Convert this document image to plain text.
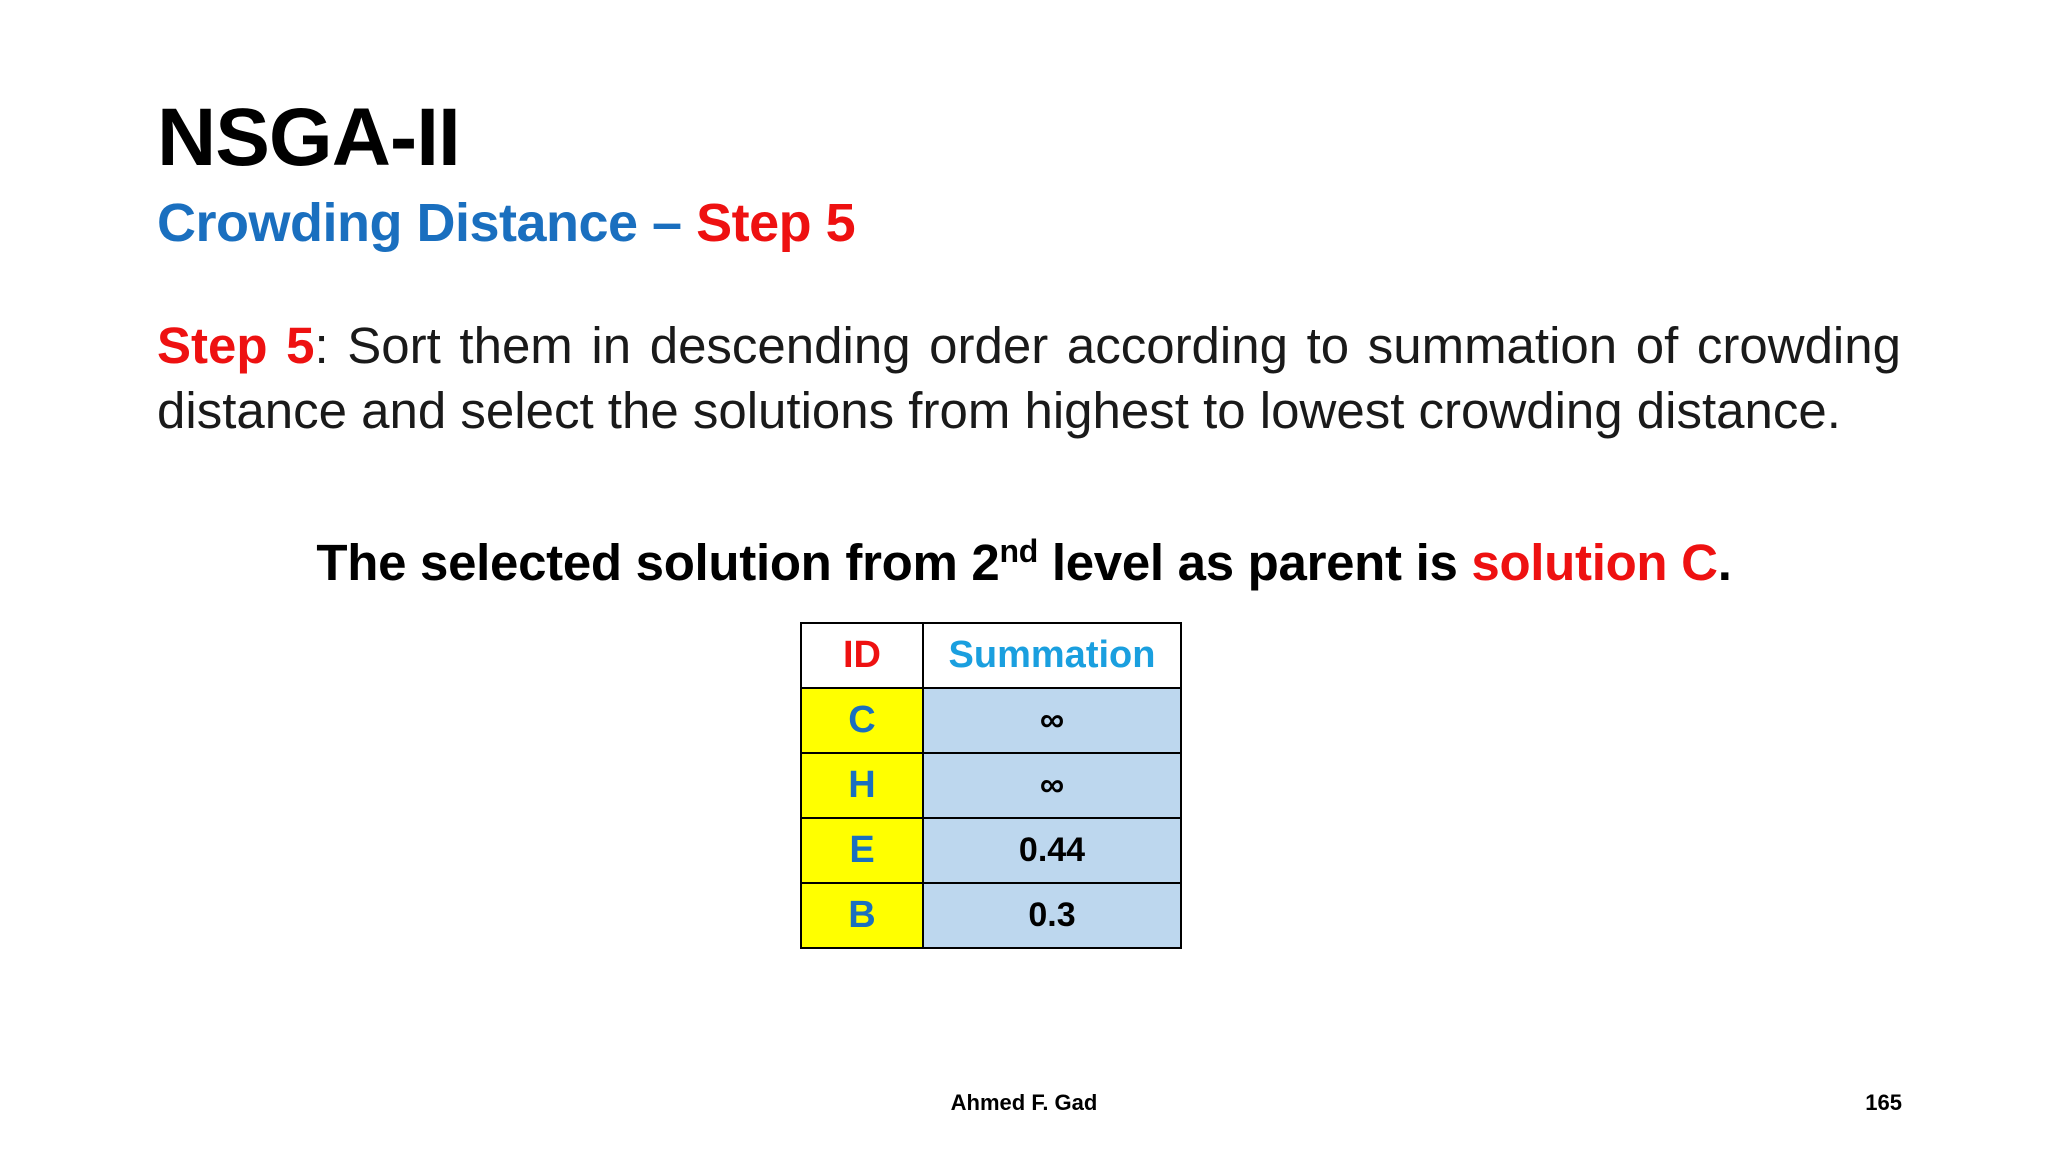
NSGA-II
Crowding Distance – Step 5
Step 5: Sort them in descending order according to summation of crowding distance and select the solutions from highest to lowest crowding distance.
The selected solution from 2nd level as parent is solution C.
ID	Summation
C	∞
H	∞
E	0.44
B	0.3
Ahmed F. Gad	165
